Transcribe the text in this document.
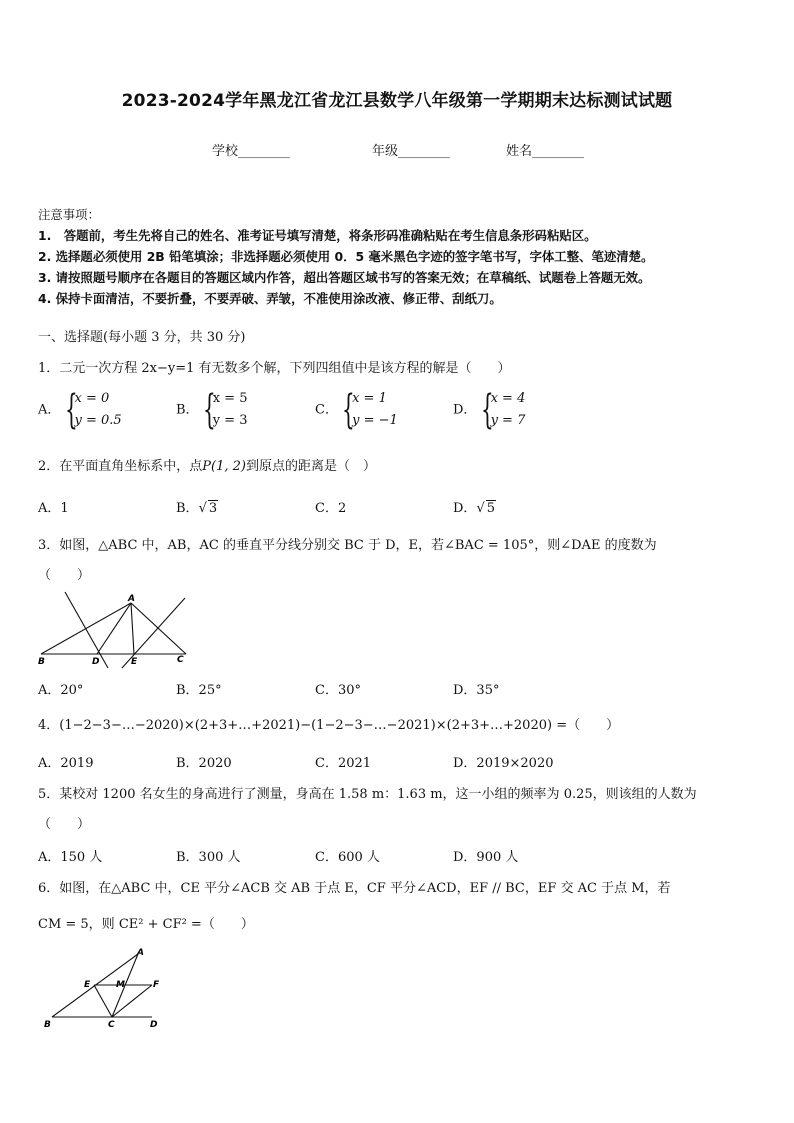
2023-2024学年黑龙江省龙江县数学八年级第一学期期末达标测试试题
学校________	年级________	姓名________
注意事项：
1.　答题前，考生先将自己的姓名、准考证号填写清楚，将条形码准确粘贴在考生信息条形码粘贴区。
2. 选择题必须使用 2B 铅笔填涂；非选择题必须使用 0．5 毫米黑色字迹的签字笔书写，字体工整、笔迹清楚。
3. 请按照题号顺序在各题目的答题区域内作答，超出答题区域书写的答案无效；在草稿纸、试题卷上答题无效。
4. 保持卡面清洁，不要折叠，不要弄破、弄皱，不准使用涂改液、修正带、刮纸刀。
一、选择题(每小题 3 分，共 30 分)
1．二元一次方程 2x−y=1 有无数多个解，下列四组值中是该方程的解是（　　）
A． {
x = 0
y = 0.5
B． {
x = 5
y = 3
C． {
x = 1
y = −1
D． {
x = 4
y = 7
2．在平面直角坐标系中，点P(1, 2)到原点的距离是（　）
A．1	B．√ 3	C．2	D．√ 5
3．如图，△ABC 中，AB，AC 的垂直平分线分别交 BC 于 D，E，若∠BAC = 105°，则∠DAE 的度数为
（　　）
A
B	C
D	E
A．20°	B．25°	C．30°	D．35°
4．(1−2−3−…−2020)×(2+3+…+2021)−(1−2−3−…−2021)×(2+3+…+2020) =（　　）
A．2019	B．2020	C．2021	D．2019×2020
5．某校对 1200 名女生的身高进行了测量，身高在 1.58 m：1.63 m，这一小组的频率为 0.25，则该组的人数为
（　　）
A．150 人	B．300 人	C．600 人	D．900 人
6．如图，在△ABC 中，CE 平分∠ACB 交 AB 于点 E，CF 平分∠ACD，EF // BC，EF 交 AC 于点 M，若
CM = 5，则 CE² + CF² =（　　）
A
B	C	D
E	F
M
